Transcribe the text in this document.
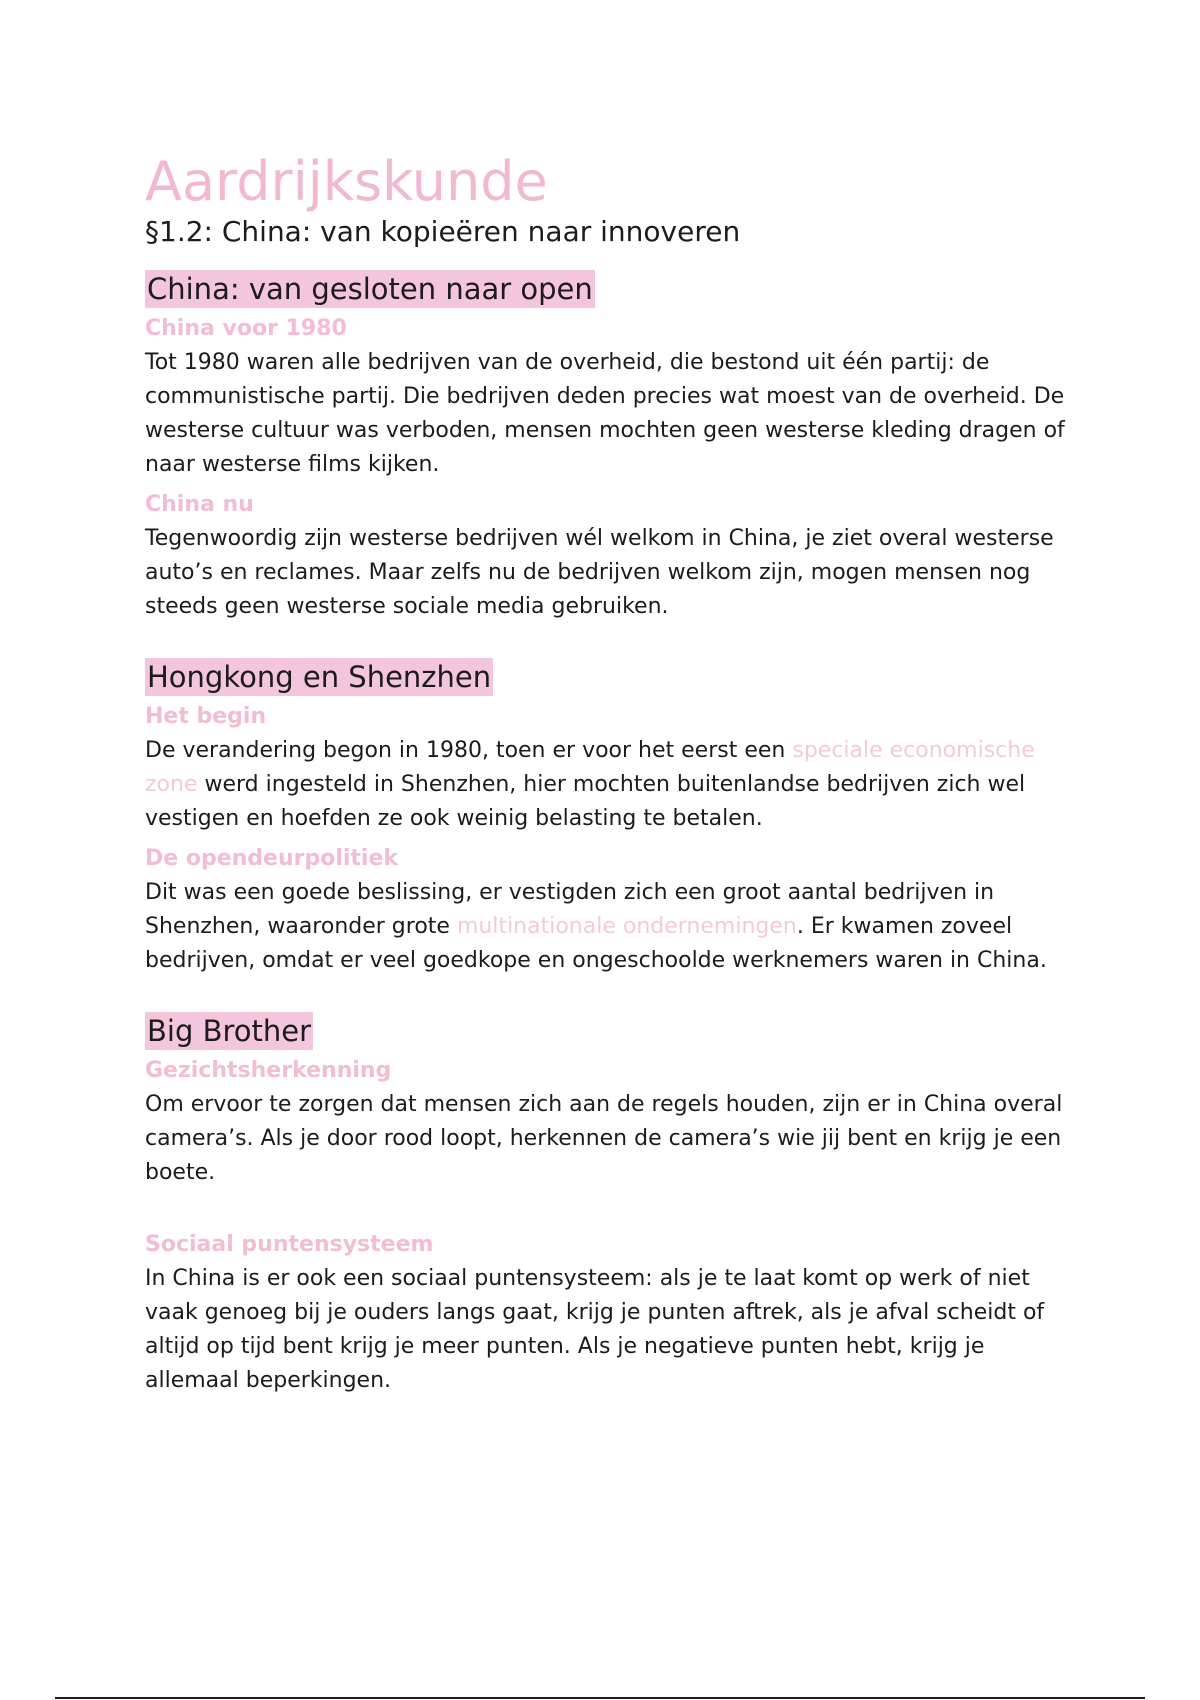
Aardrijkskunde
§1.2: China: van kopieëren naar innoveren
China: van gesloten naar open
China voor 1980

Tot 1980 waren alle bedrijven van de overheid, die bestond uit één partij: de communistische partij. Die bedrijven deden precies wat moest van de overheid. De westerse cultuur was verboden, mensen mochten geen westerse kleding dragen of naar westerse films kijken.

China nu

Tegenwoordig zijn westerse bedrijven wél welkom in China, je ziet overal westerse auto’s en reclames. Maar zelfs nu de bedrijven welkom zijn, mogen mensen nog steeds geen westerse sociale media gebruiken.

Hongkong en Shenzhen
Het begin

De verandering begon in 1980, toen er voor het eerst een speciale economische zone werd ingesteld in Shenzhen, hier mochten buitenlandse bedrijven zich wel vestigen en hoefden ze ook weinig belasting te betalen.

De opendeurpolitiek

Dit was een goede beslissing, er vestigden zich een groot aantal bedrijven in Shenzhen, waaronder grote multinationale ondernemingen. Er kwamen zoveel bedrijven, omdat er veel goedkope en ongeschoolde werknemers waren in China.

Big Brother
Gezichtsherkenning

Om ervoor te zorgen dat mensen zich aan de regels houden, zijn er in China overal camera’s. Als je door rood loopt, herkennen de camera’s wie jij bent en krijg je een boete.

Sociaal puntensysteem

In China is er ook een sociaal puntensysteem: als je te laat komt op werk of niet vaak genoeg bij je ouders langs gaat, krijg je punten aftrek, als je afval scheidt of altijd op tijd bent krijg je meer punten. Als je negatieve punten hebt, krijg je allemaal beperkingen.
